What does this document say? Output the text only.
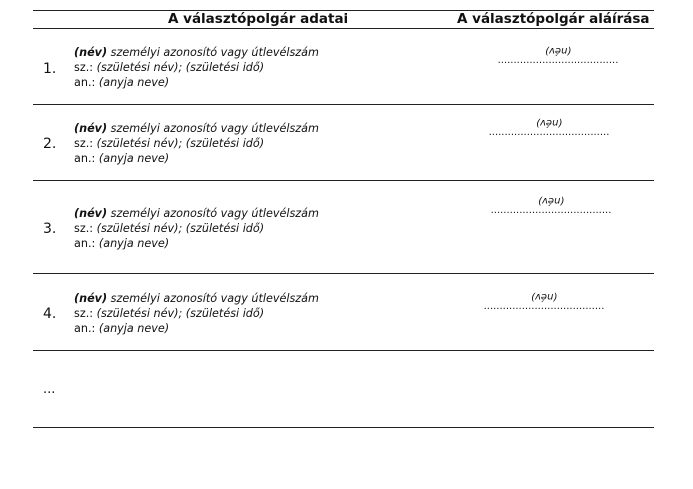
A választópolgár adatai	A választópolgár aláírása
1.
(név) személyi azonosító vagy útlevélszám
sz.: (születési név); (születési idő)
an.: (anyja neve)
(név)
......................................
2.
(név) személyi azonosító vagy útlevélszám
sz.: (születési név); (születési idő)
an.: (anyja neve)
(név)
......................................
3.
(név) személyi azonosító vagy útlevélszám
sz.: (születési név); (születési idő)
an.: (anyja neve)
(név)
......................................
4.
(név) személyi azonosító vagy útlevélszám
sz.: (születési név); (születési idő)
an.: (anyja neve)
(név)
......................................
...
